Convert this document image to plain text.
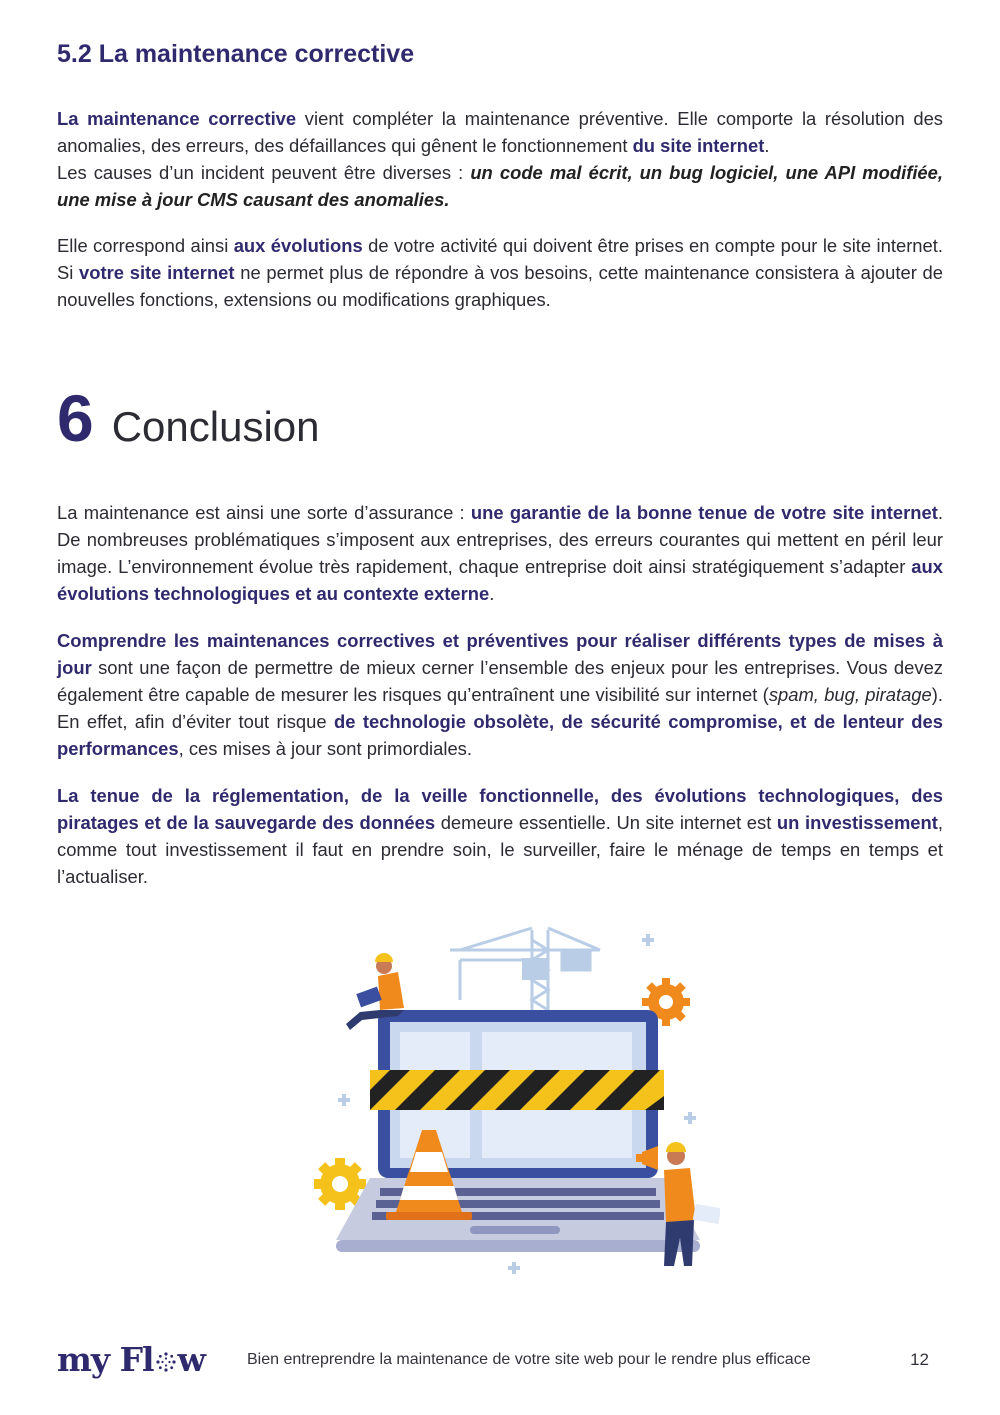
5.2 La maintenance corrective

La maintenance corrective vient compléter la maintenance préventive. Elle comporte la résolution des anomalies, des erreurs, des défaillances qui gênent le fonctionnement du site internet.

Les causes d’un incident peuvent être diverses : un code mal écrit, un bug logiciel, une API modifiée, une mise à jour CMS causant des anomalies.

Elle correspond ainsi aux évolutions de votre activité qui doivent être prises en compte pour le site internet. Si votre site internet ne permet plus de répondre à vos besoins, cette maintenance consistera à ajouter de nouvelles fonctions, extensions ou modifications graphiques.

6 Conclusion

La maintenance est ainsi une sorte d’assurance : une garantie de la bonne tenue de votre site internet. De nombreuses problématiques s’imposent aux entreprises, des erreurs courantes qui mettent en péril leur image. L’environnement évolue très rapidement, chaque entreprise doit ainsi stratégiquement s’adapter aux évolutions technologiques et au contexte externe.

Comprendre les maintenances correctives et préventives pour réaliser différents types de mises à jour sont une façon de permettre de mieux cerner l’ensemble des enjeux pour les entreprises. Vous devez également être capable de mesurer les risques qu’entraînent une visibilité sur internet (spam, bug, piratage). En effet, afin d’éviter tout risque de technologie obsolète, de sécurité compromise, et de lenteur des performances, ces mises à jour sont primordiales.

La tenue de la réglementation, de la veille fonctionnelle, des évolutions technologiques, des piratages et de la sauvegarde des données demeure essentielle. Un site internet est un investissement, comme tout investissement il faut en prendre soin, le surveiller, faire le ménage de temps en temps et l’actualiser.

my Fl w	Bien entreprendre la maintenance de votre site web pour le rendre plus efficace	12
